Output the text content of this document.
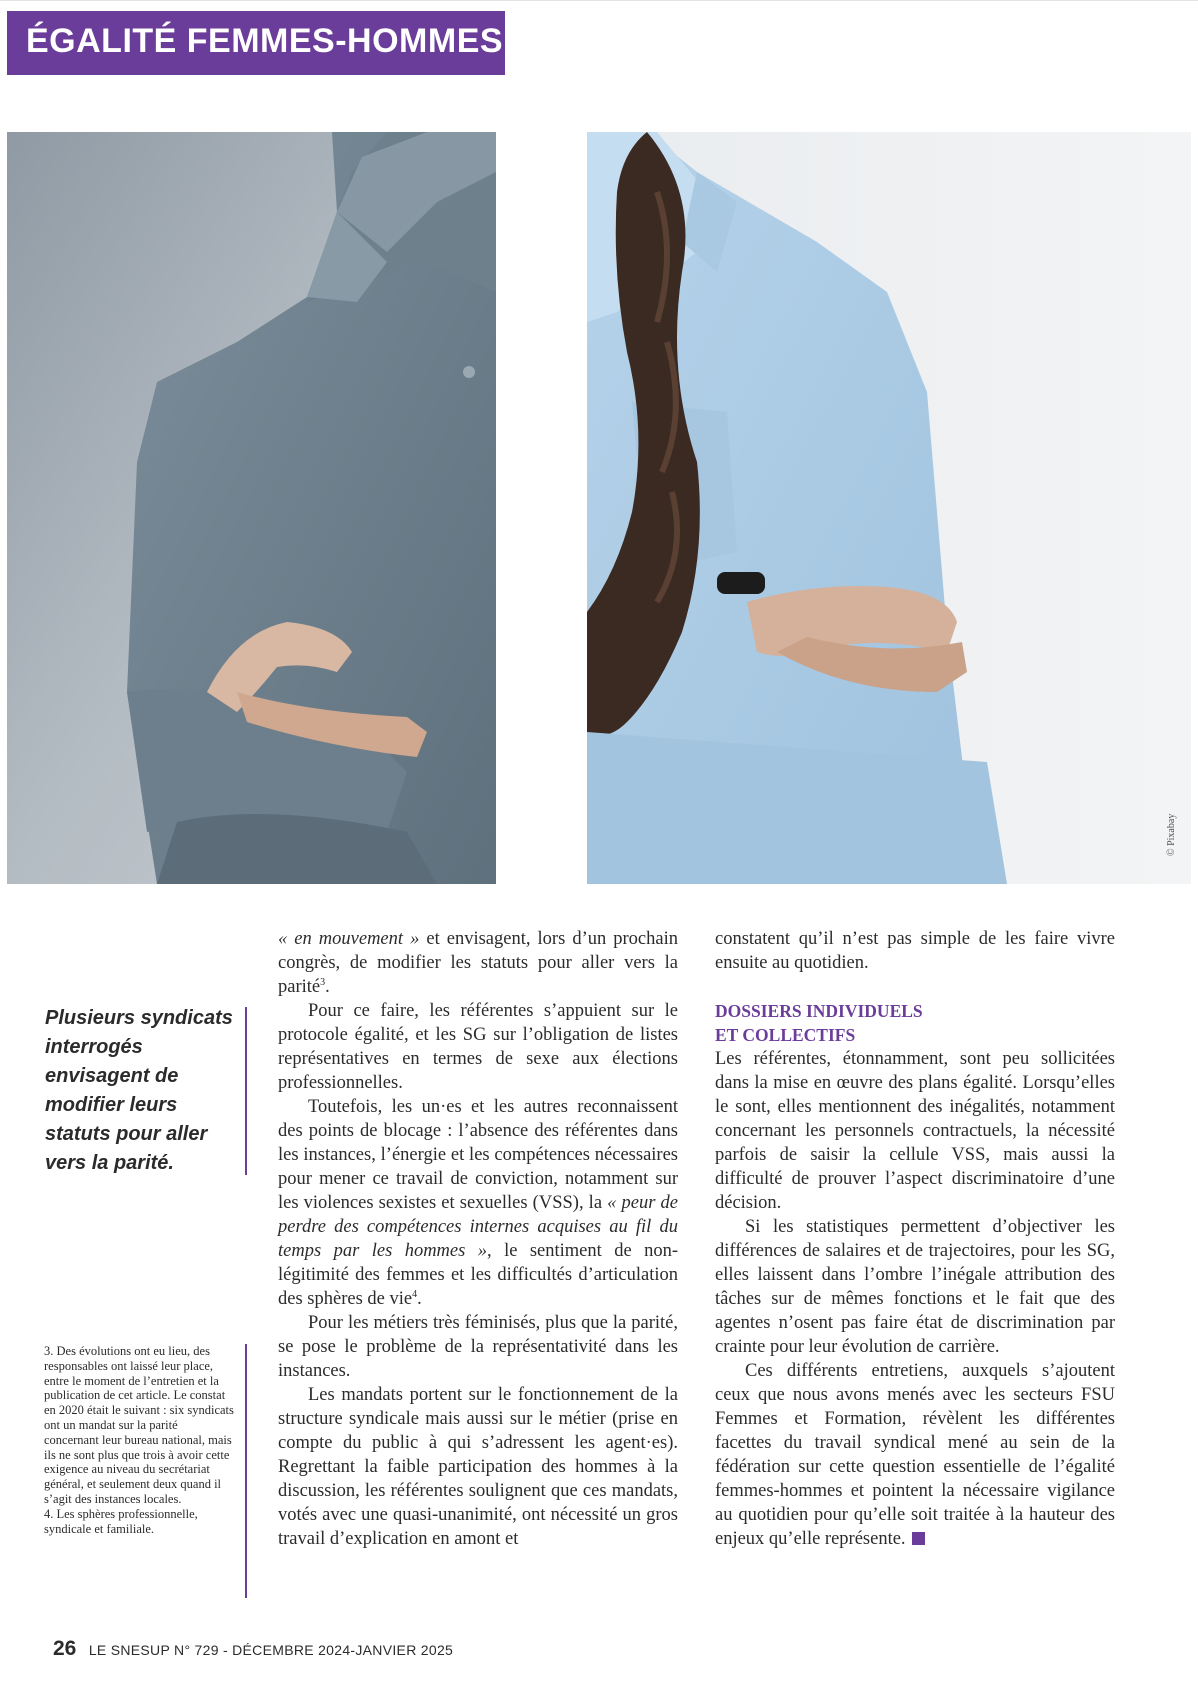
ÉGALITÉ FEMMES-HOMMES
© Pixabay
Plusieurs syndicats interrogés envisagent de modifier leurs statuts pour aller vers la parité.

3. Des évolutions ont eu lieu, des responsables ont laissé leur place, entre le moment de l’entretien et la publication de cet article. Le constat en 2020 était le suivant : six syndicats ont un mandat sur la parité concernant leur bureau national, mais ils ne sont plus que trois à avoir cette exigence au niveau du secrétariat général, et seulement deux quand il s’agit des instances locales.

4. Les sphères professionnelle, syndicale et familiale.

« en mouvement » et envisagent, lors d’un prochain congrès, de modifier les statuts pour aller vers la parité$^3$.

Pour ce faire, les référentes s’appuient sur le protocole égalité, et les SG sur l’obligation de listes représentatives en termes de sexe aux élections professionnelles.

Toutefois, les un·es et les autres reconnaissent des points de blocage : l’absence des référentes dans les instances, l’énergie et les compétences nécessaires pour mener ce travail de conviction, notamment sur les violences sexistes et sexuelles (VSS), la « peur de perdre des compétences internes acquises au fil du temps par les hommes », le sentiment de non-légitimité des femmes et les difficultés d’articulation des sphères de vie$^4$.

Pour les métiers très féminisés, plus que la parité, se pose le problème de la représentativité dans les instances.

Les mandats portent sur le fonctionnement de la structure syndicale mais aussi sur le métier (prise en compte du public à qui s’adressent les agent·es). Regrettant la faible participation des hommes à la discussion, les référentes soulignent que ces mandats, votés avec une quasi-unanimité, ont nécessité un gros travail d’explication en amont et

constatent qu’il n’est pas simple de les faire vivre ensuite au quotidien.

DOSSIERS INDIVIDUELS
ET COLLECTIFS

Les référentes, étonnamment, sont peu sollicitées dans la mise en œuvre des plans égalité. Lorsqu’elles le sont, elles mentionnent des inégalités, notamment concernant les personnels contractuels, la nécessité parfois de saisir la cellule VSS, mais aussi la difficulté de prouver l’aspect discriminatoire d’une décision.

Si les statistiques permettent d’objectiver les différences de salaires et de trajectoires, pour les SG, elles laissent dans l’ombre l’inégale attribution des tâches sur de mêmes fonctions et le fait que des agentes n’osent pas faire état de discrimination par crainte pour leur évolution de carrière.

Ces différents entretiens, auxquels s’ajoutent ceux que nous avons menés avec les secteurs FSU Femmes et Formation, révèlent les différentes facettes du travail syndical mené au sein de la fédération sur cette question essentielle de l’égalité femmes-hommes et pointent la nécessaire vigilance au quotidien pour qu’elle soit traitée à la hauteur des enjeux qu’elle représente.

26 LE SNESUP N° 729 - DÉCEMBRE 2024-JANVIER 2025
